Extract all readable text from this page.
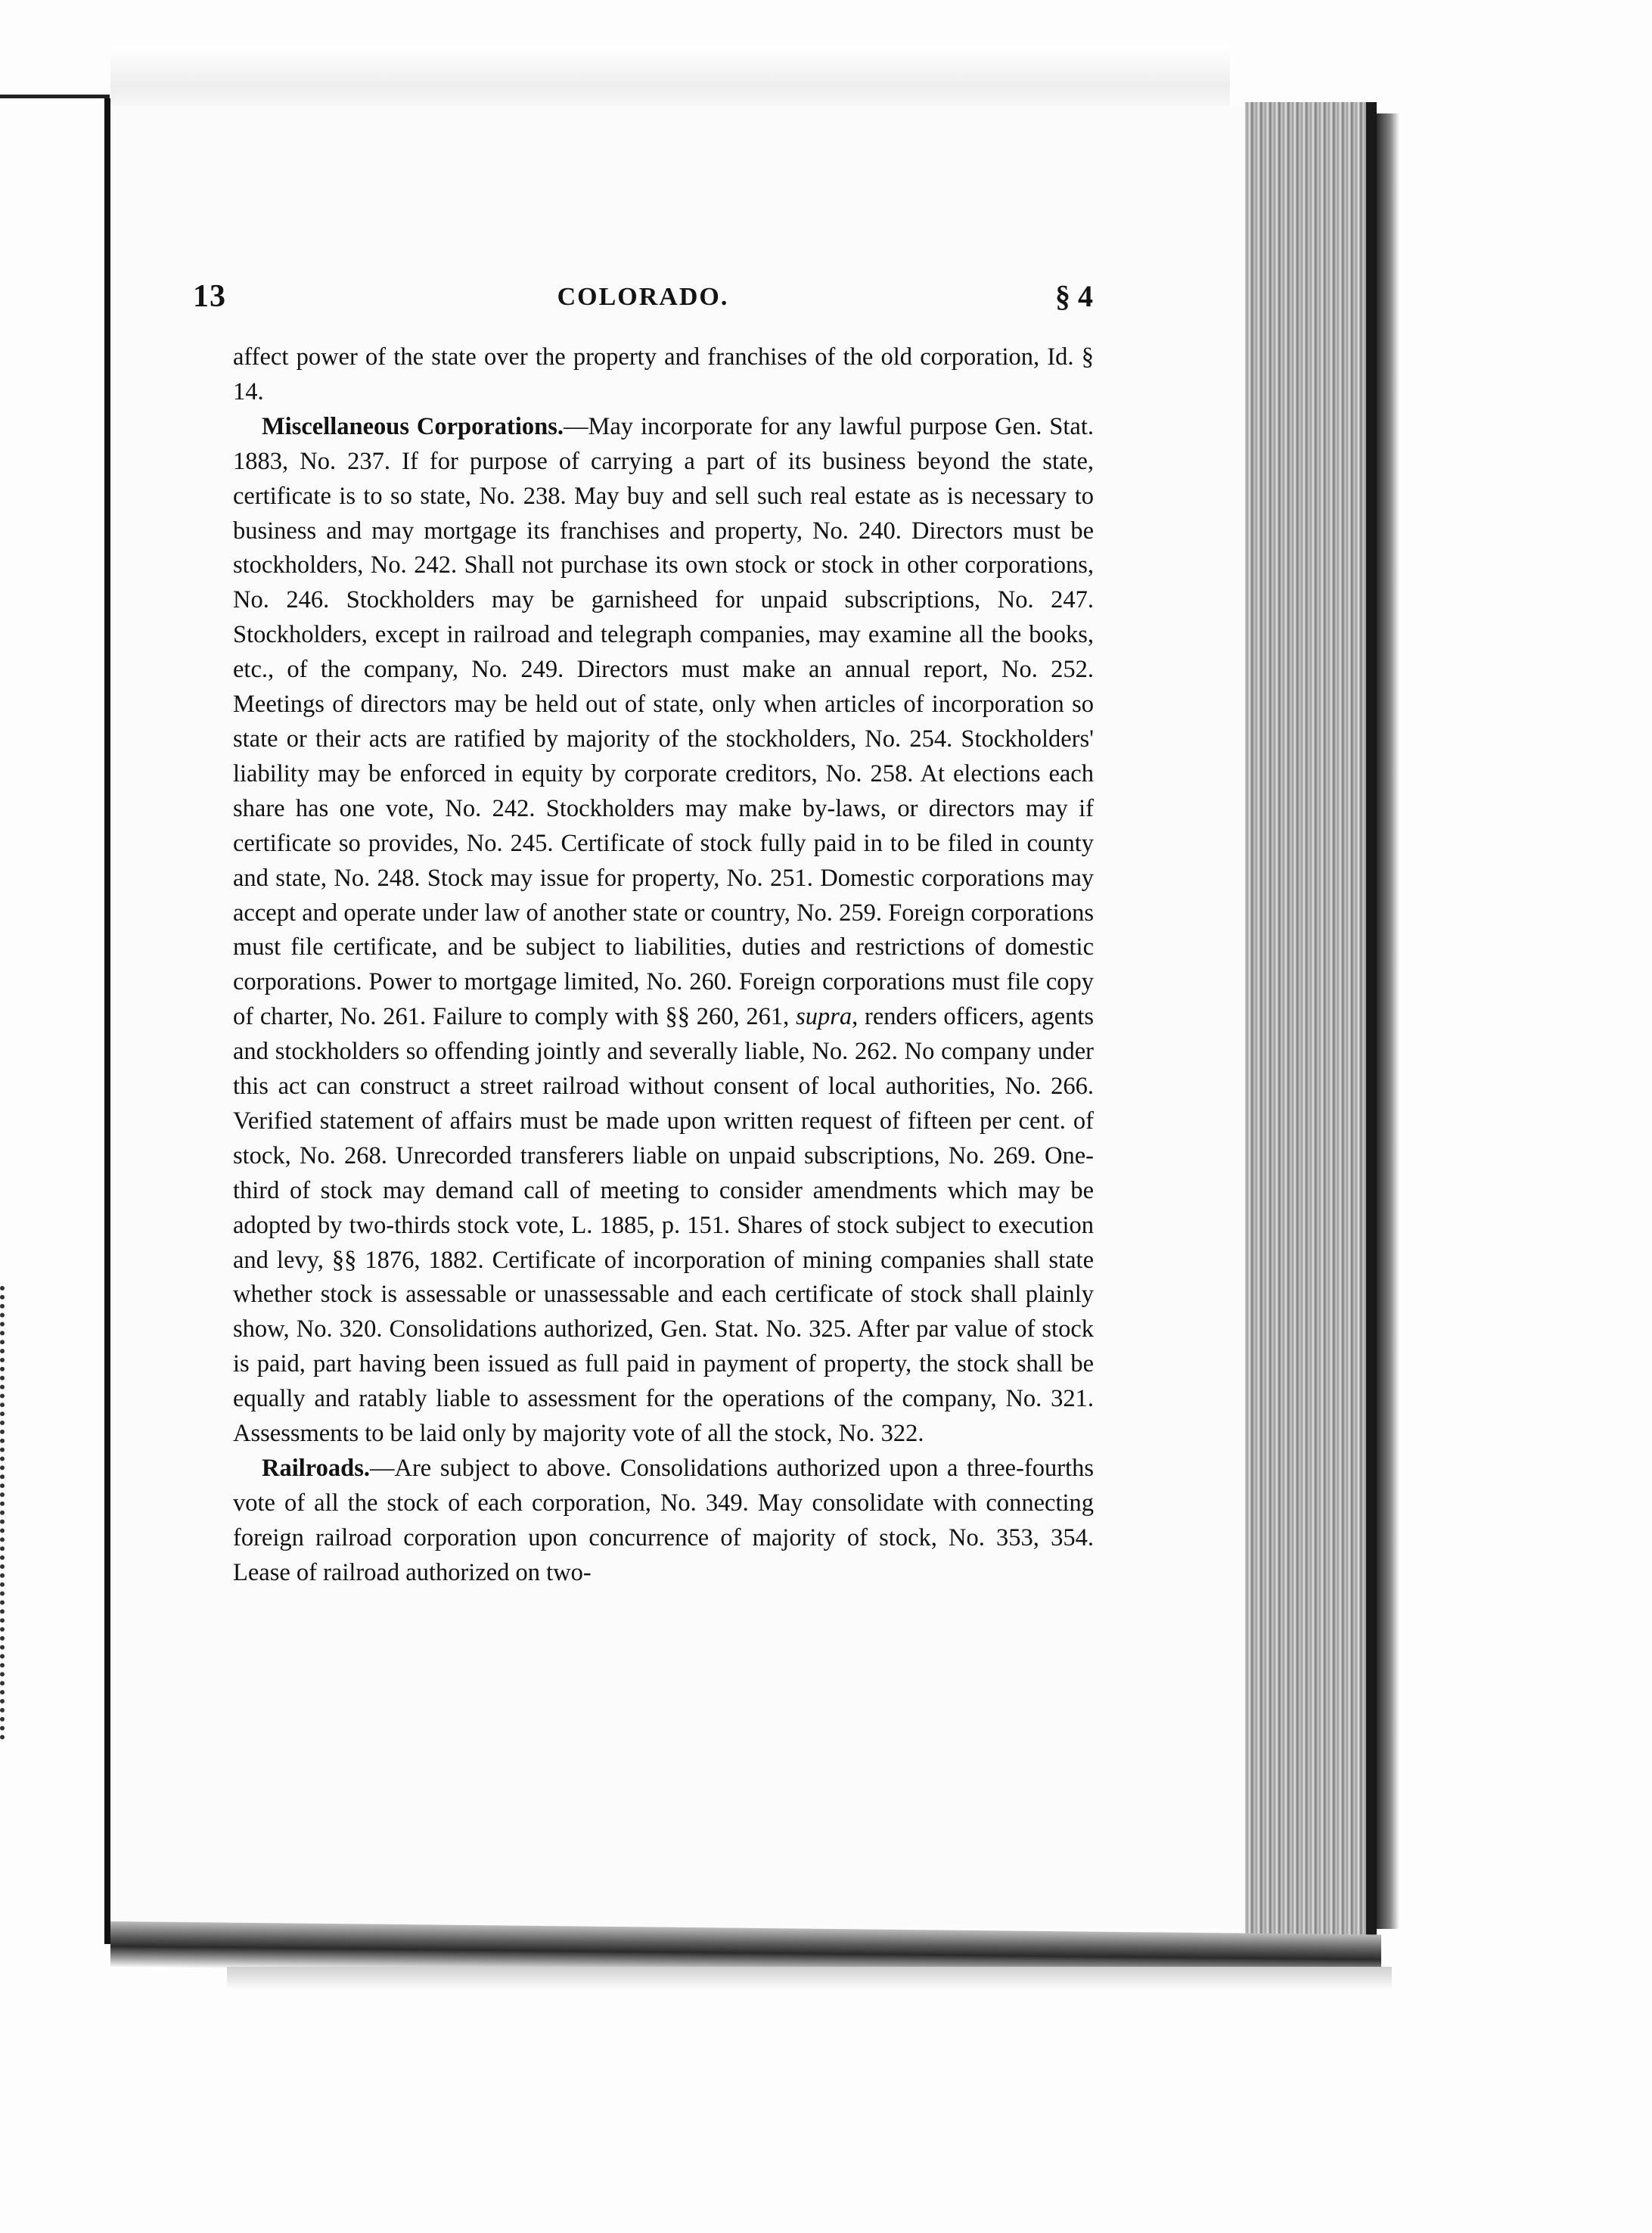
13	COLORADO.	§ 4

affect power of the state over the property and franchises of the old corporation, Id. § 14.

Miscellaneous Corporations.—May incorporate for any lawful purpose Gen. Stat. 1883, No. 237. If for purpose of carrying a part of its business beyond the state, certificate is to so state, No. 238. May buy and sell such real estate as is necessary to business and may mortgage its franchises and property, No. 240. Directors must be stockholders, No. 242. Shall not purchase its own stock or stock in other corporations, No. 246. Stockholders may be garnisheed for unpaid subscriptions, No. 247. Stockholders, except in railroad and telegraph companies, may examine all the books, etc., of the company, No. 249. Directors must make an annual report, No. 252. Meetings of directors may be held out of state, only when articles of incorporation so state or their acts are ratified by majority of the stockholders, No. 254. Stockholders' liability may be enforced in equity by corporate creditors, No. 258. At elections each share has one vote, No. 242. Stockholders may make by-laws, or directors may if certificate so provides, No. 245. Certificate of stock fully paid in to be filed in county and state, No. 248. Stock may issue for property, No. 251. Domestic corporations may accept and operate under law of another state or country, No. 259. Foreign corporations must file certificate, and be subject to liabilities, duties and restrictions of domestic corporations. Power to mortgage limited, No. 260. Foreign corporations must file copy of charter, No. 261. Failure to comply with §§ 260, 261, supra, renders officers, agents and stockholders so offending jointly and severally liable, No. 262. No company under this act can construct a street railroad without consent of local authorities, No. 266. Verified statement of affairs must be made upon written request of fifteen per cent. of stock, No. 268. Unrecorded transferers liable on unpaid subscriptions, No. 269. One-third of stock may demand call of meeting to consider amendments which may be adopted by two-thirds stock vote, L. 1885, p. 151. Shares of stock subject to execution and levy, §§ 1876, 1882. Certificate of incorporation of mining companies shall state whether stock is assessable or unassessable and each certificate of stock shall plainly show, No. 320. Consolidations authorized, Gen. Stat. No. 325. After par value of stock is paid, part having been issued as full paid in payment of property, the stock shall be equally and ratably liable to assessment for the operations of the company, No. 321. Assessments to be laid only by majority vote of all the stock, No. 322.

Railroads.—Are subject to above. Consolidations authorized upon a three-fourths vote of all the stock of each corporation, No. 349. May consolidate with connecting foreign railroad corporation upon concurrence of majority of stock, No. 353, 354. Lease of railroad authorized on two-
